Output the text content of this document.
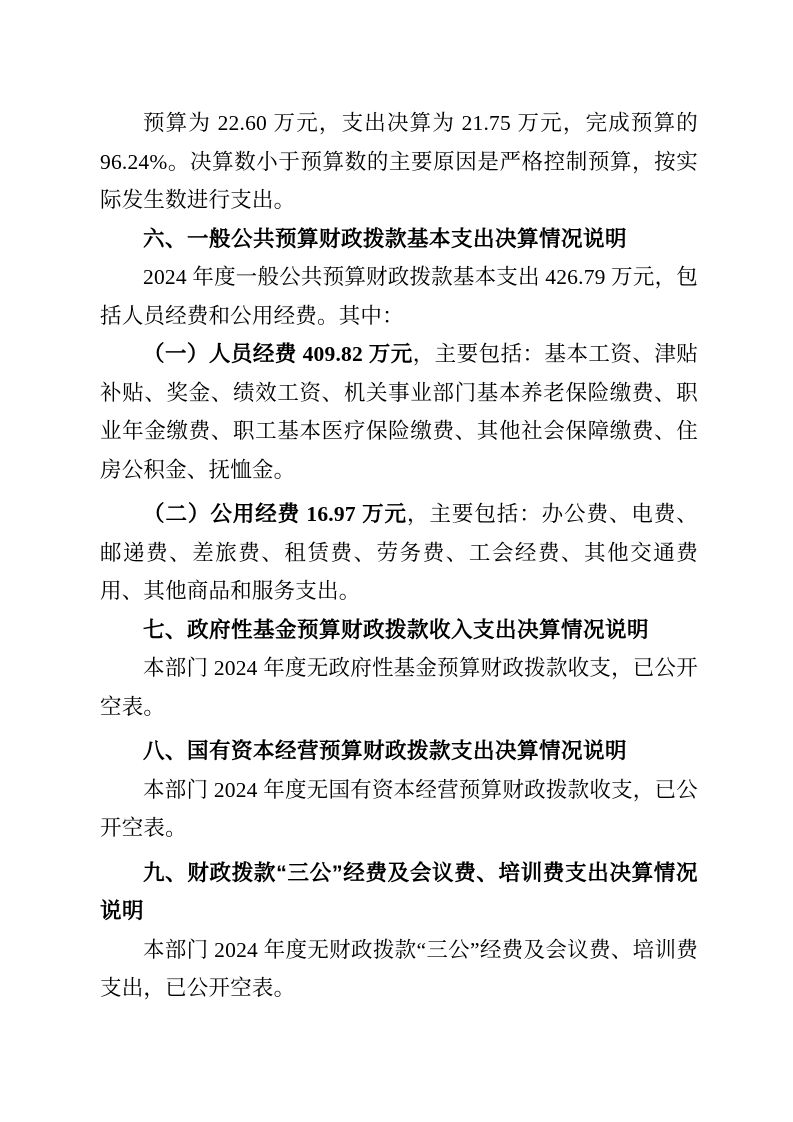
预算为 22.60 万元，支出决算为 21.75 万元，完成预算的 96.24%。决算数小于预算数的主要原因是严格控制预算，按实际发生数进行支出。

六、一般公共预算财政拨款基本支出决算情况说明

2024 年度一般公共预算财政拨款基本支出 426.79 万元，包括人员经费和公用经费。其中：

（一）人员经费 409.82 万元，主要包括：基本工资、津贴补贴、奖金、绩效工资、机关事业部门基本养老保险缴费、职业年金缴费、职工基本医疗保险缴费、其他社会保障缴费、住房公积金、抚恤金。

（二）公用经费 16.97 万元，主要包括：办公费、电费、邮递费、差旅费、租赁费、劳务费、工会经费、其他交通费用、其他商品和服务支出。

七、政府性基金预算财政拨款收入支出决算情况说明

本部门 2024 年度无政府性基金预算财政拨款收支，已公开空表。

八、国有资本经营预算财政拨款支出决算情况说明

本部门 2024 年度无国有资本经营预算财政拨款收支，已公开空表。

九、财政拨款“三公”经费及会议费、培训费支出决算情况说明

本部门 2024 年度无财政拨款“三公”经费及会议费、培训费支出，已公开空表。
